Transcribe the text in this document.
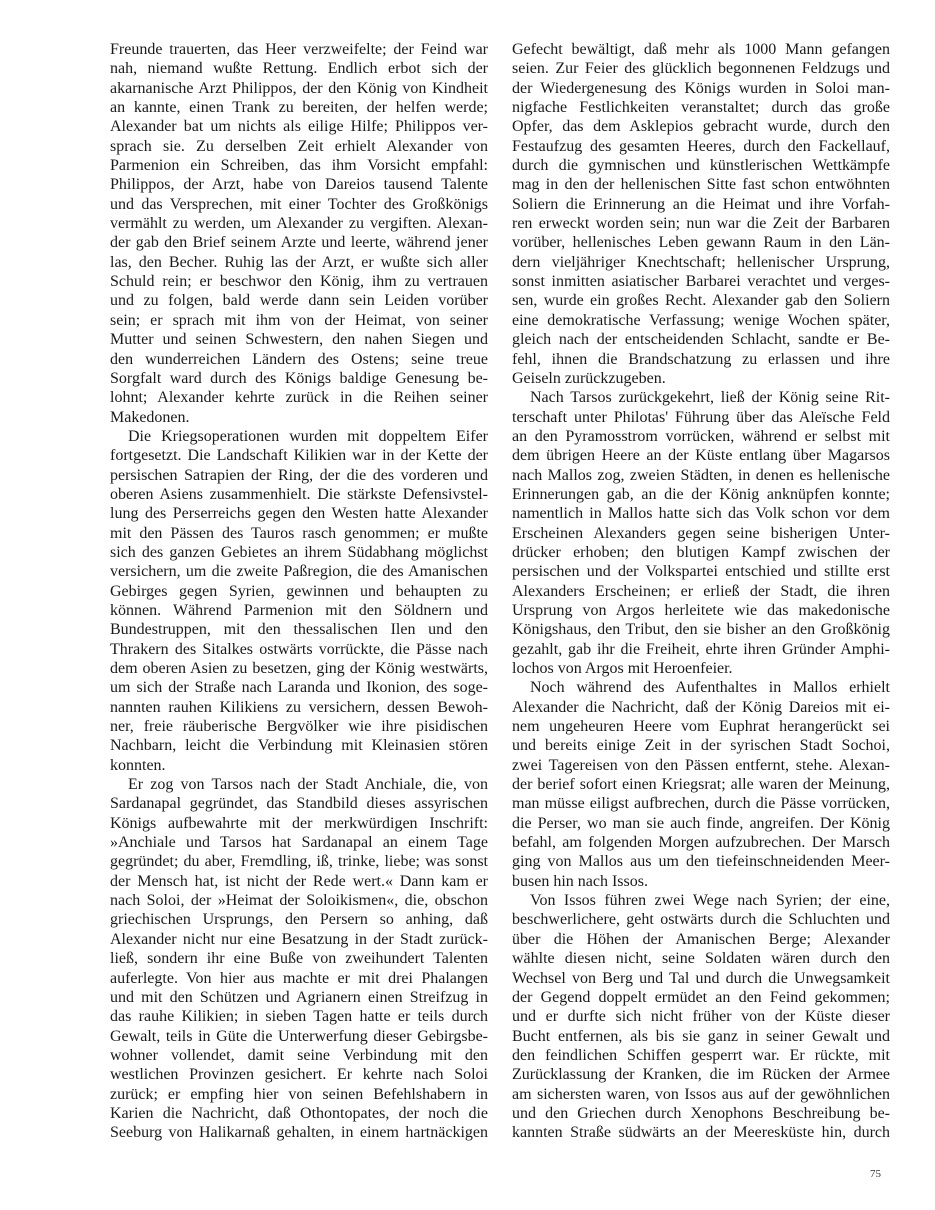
Freunde trauerten, das Heer verzweifelte; der Feind war
nah, niemand wußte Rettung. Endlich erbot sich der
akarnanische Arzt Philippos, der den König von Kindheit
an kannte, einen Trank zu bereiten, der helfen werde;
Alexander bat um nichts als eilige Hilfe; Philippos ver-
sprach sie. Zu derselben Zeit erhielt Alexander von
Parmenion ein Schreiben, das ihm Vorsicht empfahl:
Philippos, der Arzt, habe von Dareios tausend Talente
und das Versprechen, mit einer Tochter des Großkönigs
vermählt zu werden, um Alexander zu vergiften. Alexan-
der gab den Brief seinem Arzte und leerte, während jener
las, den Becher. Ruhig las der Arzt, er wußte sich aller
Schuld rein; er beschwor den König, ihm zu vertrauen
und zu folgen, bald werde dann sein Leiden vorüber
sein; er sprach mit ihm von der Heimat, von seiner
Mutter und seinen Schwestern, den nahen Siegen und
den wunderreichen Ländern des Ostens; seine treue
Sorgfalt ward durch des Königs baldige Genesung be-
lohnt; Alexander kehrte zurück in die Reihen seiner
Makedonen.
Die Kriegsoperationen wurden mit doppeltem Eifer
fortgesetzt. Die Landschaft Kilikien war in der Kette der
persischen Satrapien der Ring, der die des vorderen und
oberen Asiens zusammenhielt. Die stärkste Defensivstel-
lung des Perserreichs gegen den Westen hatte Alexander
mit den Pässen des Tauros rasch genommen; er mußte
sich des ganzen Gebietes an ihrem Südabhang möglichst
versichern, um die zweite Paßregion, die des Amanischen
Gebirges gegen Syrien, gewinnen und behaupten zu
können. Während Parmenion mit den Söldnern und
Bundestruppen, mit den thessalischen Ilen und den
Thrakern des Sitalkes ostwärts vorrückte, die Pässe nach
dem oberen Asien zu besetzen, ging der König westwärts,
um sich der Straße nach Laranda und Ikonion, des soge-
nannten rauhen Kilikiens zu versichern, dessen Bewoh-
ner, freie räuberische Bergvölker wie ihre pisidischen
Nachbarn, leicht die Verbindung mit Kleinasien stören
konnten.
Er zog von Tarsos nach der Stadt Anchiale, die, von
Sardanapal gegründet, das Standbild dieses assyrischen
Königs aufbewahrte mit der merkwürdigen Inschrift:
»Anchiale und Tarsos hat Sardanapal an einem Tage
gegründet; du aber, Fremdling, iß, trinke, liebe; was sonst
der Mensch hat, ist nicht der Rede wert.« Dann kam er
nach Soloi, der »Heimat der Soloikismen«, die, obschon
griechischen Ursprungs, den Persern so anhing, daß
Alexander nicht nur eine Besatzung in der Stadt zurück-
ließ, sondern ihr eine Buße von zweihundert Talenten
auferlegte. Von hier aus machte er mit drei Phalangen
und mit den Schützen und Agrianern einen Streifzug in
das rauhe Kilikien; in sieben Tagen hatte er teils durch
Gewalt, teils in Güte die Unterwerfung dieser Gebirgsbe-
wohner vollendet, damit seine Verbindung mit den
westlichen Provinzen gesichert. Er kehrte nach Soloi
zurück; er empfing hier von seinen Befehlshabern in
Karien die Nachricht, daß Othontopates, der noch die
Seeburg von Halikarnaß gehalten, in einem hartnäckigen
Gefecht bewältigt, daß mehr als 1000 Mann gefangen
seien. Zur Feier des glücklich begonnenen Feldzugs und
der Wiedergenesung des Königs wurden in Soloi man-
nigfache Festlichkeiten veranstaltet; durch das große
Opfer, das dem Asklepios gebracht wurde, durch den
Festaufzug des gesamten Heeres, durch den Fackellauf,
durch die gymnischen und künstlerischen Wettkämpfe
mag in den der hellenischen Sitte fast schon entwöhnten
Soliern die Erinnerung an die Heimat und ihre Vorfah-
ren erweckt worden sein; nun war die Zeit der Barbaren
vorüber, hellenisches Leben gewann Raum in den Län-
dern vieljähriger Knechtschaft; hellenischer Ursprung,
sonst inmitten asiatischer Barbarei verachtet und verges-
sen, wurde ein großes Recht. Alexander gab den Soliern
eine demokratische Verfassung; wenige Wochen später,
gleich nach der entscheidenden Schlacht, sandte er Be-
fehl, ihnen die Brandschatzung zu erlassen und ihre
Geiseln zurückzugeben.
Nach Tarsos zurückgekehrt, ließ der König seine Rit-
terschaft unter Philotas' Führung über das Aleïsche Feld
an den Pyramosstrom vorrücken, während er selbst mit
dem übrigen Heere an der Küste entlang über Magarsos
nach Mallos zog, zweien Städten, in denen es hellenische
Erinnerungen gab, an die der König anknüpfen konnte;
namentlich in Mallos hatte sich das Volk schon vor dem
Erscheinen Alexanders gegen seine bisherigen Unter-
drücker erhoben; den blutigen Kampf zwischen der
persischen und der Volkspartei entschied und stillte erst
Alexanders Erscheinen; er erließ der Stadt, die ihren
Ursprung von Argos herleitete wie das makedonische
Königshaus, den Tribut, den sie bisher an den Großkönig
gezahlt, gab ihr die Freiheit, ehrte ihren Gründer Amphi-
lochos von Argos mit Heroenfeier.
Noch während des Aufenthaltes in Mallos erhielt
Alexander die Nachricht, daß der König Dareios mit ei-
nem ungeheuren Heere vom Euphrat herangerückt sei
und bereits einige Zeit in der syrischen Stadt Sochoi,
zwei Tagereisen von den Pässen entfernt, stehe. Alexan-
der berief sofort einen Kriegsrat; alle waren der Meinung,
man müsse eiligst aufbrechen, durch die Pässe vorrücken,
die Perser, wo man sie auch finde, angreifen. Der König
befahl, am folgenden Morgen aufzubrechen. Der Marsch
ging von Mallos aus um den tiefeinschneidenden Meer-
busen hin nach Issos.
Von Issos führen zwei Wege nach Syrien; der eine,
beschwerlichere, geht ostwärts durch die Schluchten und
über die Höhen der Amanischen Berge; Alexander
wählte diesen nicht, seine Soldaten wären durch den
Wechsel von Berg und Tal und durch die Unwegsamkeit
der Gegend doppelt ermüdet an den Feind gekommen;
und er durfte sich nicht früher von der Küste dieser
Bucht entfernen, als bis sie ganz in seiner Gewalt und
den feindlichen Schiffen gesperrt war. Er rückte, mit
Zurücklassung der Kranken, die im Rücken der Armee
am sichersten waren, von Issos aus auf der gewöhnlichen
und den Griechen durch Xenophons Beschreibung be-
kannten Straße südwärts an der Meeresküste hin, durch
75
